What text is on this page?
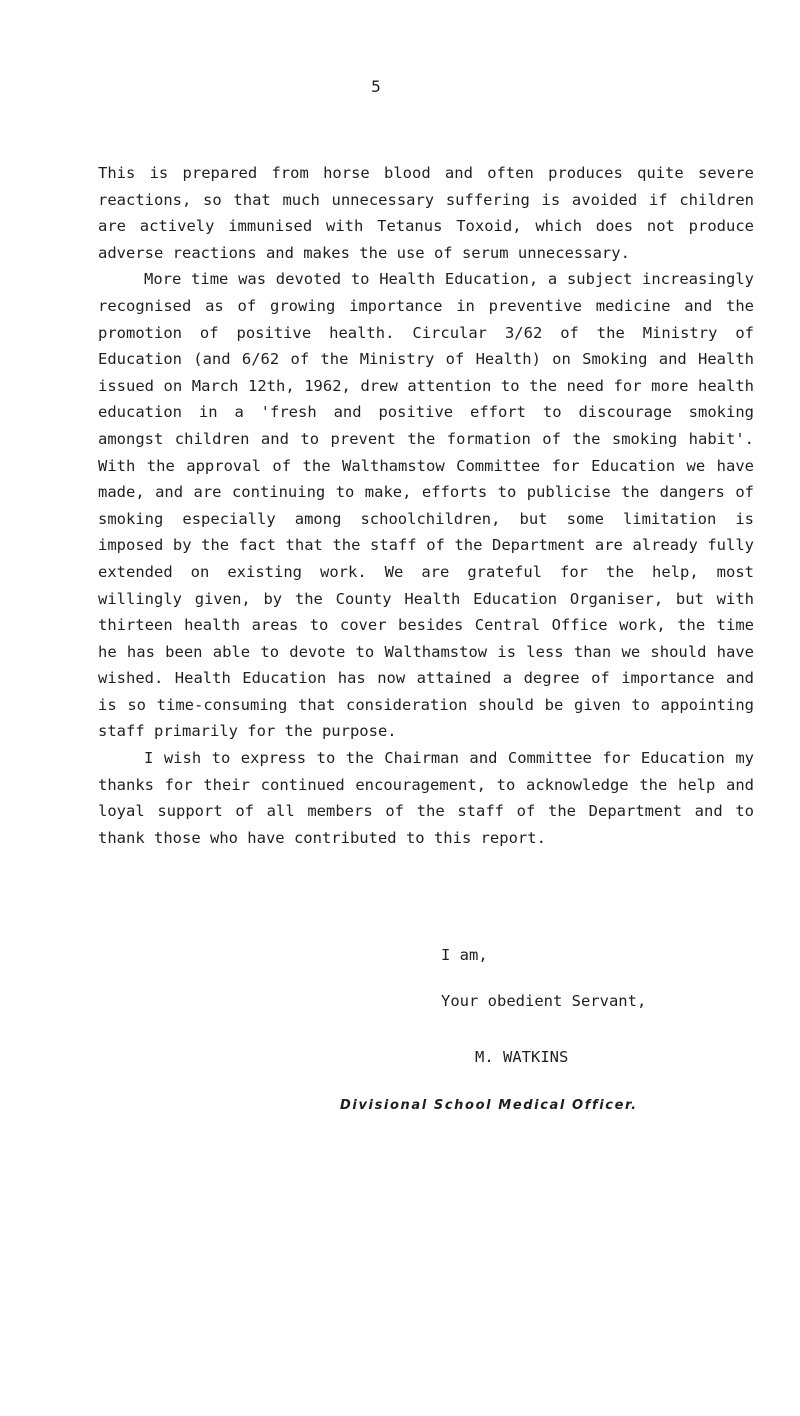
5

This is prepared from horse blood and often produces quite severe reactions, so that much unnecessary suffering is avoided if children are actively immunised with Tetanus Toxoid, which does not produce adverse reactions and makes the use of serum unnecessary.

More time was devoted to Health Education, a subject increasingly recognised as of growing importance in preventive medicine and the promotion of positive health. Circular 3/62 of the Ministry of Education (and 6/62 of the Ministry of Health) on Smoking and Health issued on March 12th, 1962, drew attention to the need for more health education in a 'fresh and positive effort to discourage smoking amongst children and to prevent the formation of the smoking habit'. With the approval of the Walthamstow Committee for Education we have made, and are continuing to make, efforts to publicise the dangers of smoking especially among schoolchildren, but some limitation is imposed by the fact that the staff of the Department are already fully extended on existing work. We are grateful for the help, most willingly given, by the County Health Education Organiser, but with thirteen health areas to cover besides Central Office work, the time he has been able to devote to Walthamstow is less than we should have wished. Health Education has now attained a degree of importance and is so time-consuming that consideration should be given to appointing staff primarily for the purpose.

I wish to express to the Chairman and Committee for Education my thanks for their continued encouragement, to acknowledge the help and loyal support of all members of the staff of the Department and to thank those who have contributed to this report.

I am,
Your obedient Servant,
M. WATKINS
Divisional School Medical Officer.
